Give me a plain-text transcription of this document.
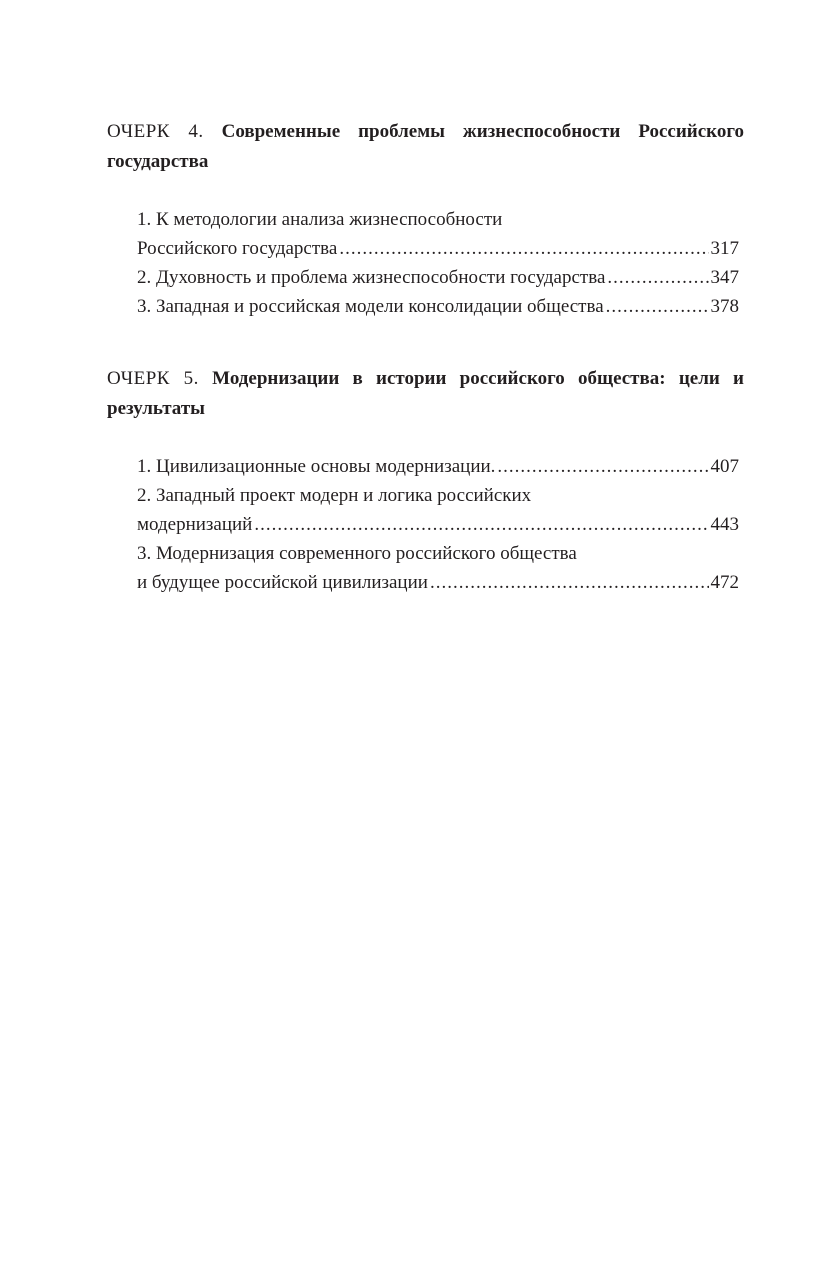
ОЧЕРК 4. Современные проблемы жизнеспособности Российского государства

1. К методологии анализа жизнеспособности
Российского государства .....	317
2. Духовность и проблема жизнеспособности государства .....	347
3. Западная и российская модели консолидации общества .....	378

ОЧЕРК 5. Модернизации в истории российского общества: цели и результаты

1. Цивилизационные основы модернизации. .....	407
2. Западный проект модерн и логика российских
модернизаций .....	443
3. Модернизация современного российского общества
и будущее российской цивилизации .....	472
